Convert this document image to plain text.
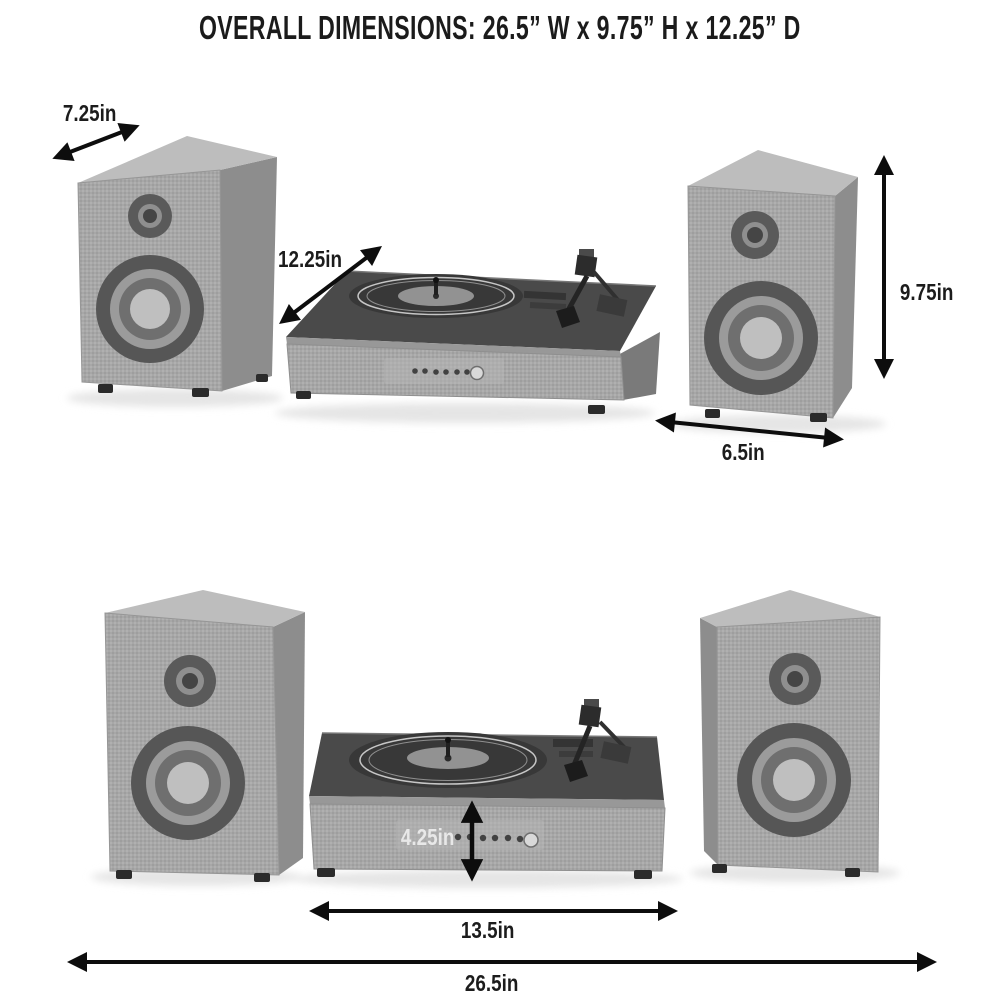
OVERALL DIMENSIONS: 26.5” W x 9.75” H x 12.25” D
7.25in
12.25in
9.75in
6.5in
4.25in
13.5in
26.5in
